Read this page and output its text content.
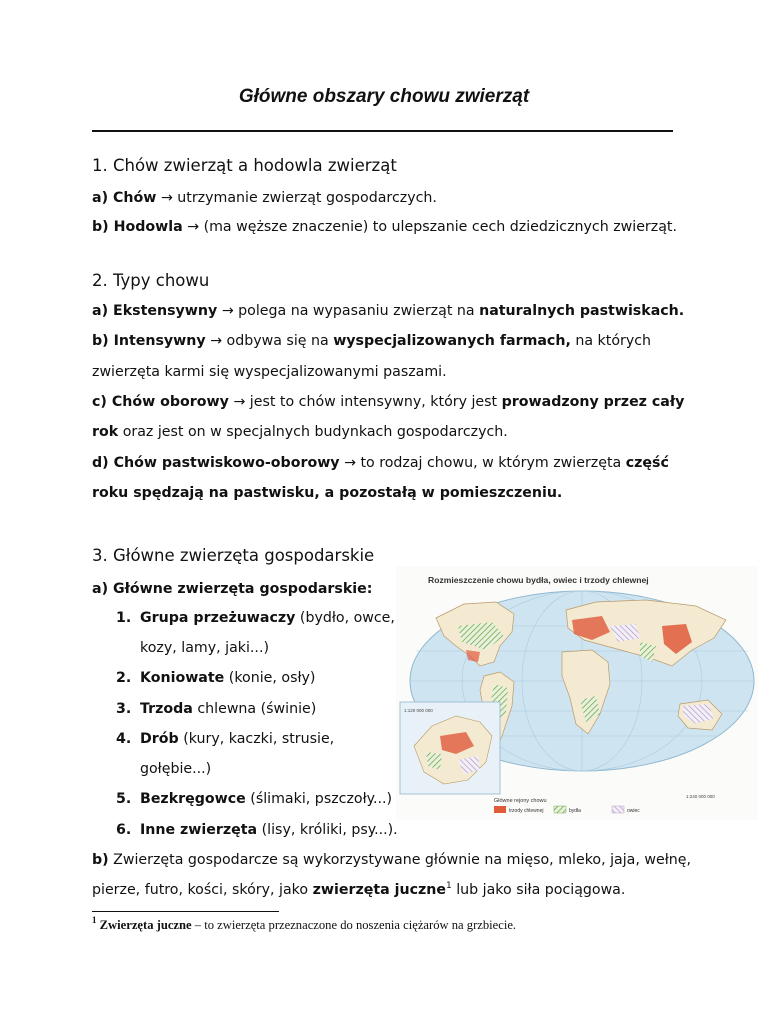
Główne obszary chowu zwierząt
1. Chów zwierząt a hodowla zwierząt
a) Chów → utrzymanie zwierząt gospodarczych.
b) Hodowla → (ma węższe znaczenie) to ulepszanie cech dziedzicznych zwierząt.
2. Typy chowu
a) Ekstensywny → polega na wypasaniu zwierząt na naturalnych pastwiskach.
b) Intensywny → odbywa się na wyspecjalizowanych farmach, na których
zwierzęta karmi się wyspecjalizowanymi paszami.
c) Chów oborowy → jest to chów intensywny, który jest prowadzony przez cały
rok oraz jest on w specjalnych budynkach gospodarczych.
d) Chów pastwiskowo-oborowy → to rodzaj chowu, w którym zwierzęta część
roku spędzają na pastwisku, a pozostałą w pomieszczeniu.
3. Główne zwierzęta gospodarskie
a) Główne zwierzęta gospodarskie:
1. Grupa przeżuwaczy (bydło, owce,
kozy, lamy, jaki...)
2. Koniowate (konie, osły)
3. Trzoda chlewna (świnie)
4. Drób (kury, kaczki, strusie,
gołębie...)
5. Bezkręgowce (ślimaki, pszczoły...)
6. Inne zwierzęta (lisy, króliki, psy...).
b) Zwierzęta gospodarcze są wykorzystywane głównie na mięso, mleko, jaja, wełnę,
pierze, futro, kości, skóry, jako zwierzęta juczne$^1$ lub jako siła pociągowa.
Rozmieszczenie chowu bydła, owiec i trzody chlewnej
1:120 000 000
1:240 000 000
Główne rejony chowu
trzody chlewnej	bydła	owiec
$^1$ Zwierzęta juczne – to zwierzęta przeznaczone do noszenia ciężarów na grzbiecie.
